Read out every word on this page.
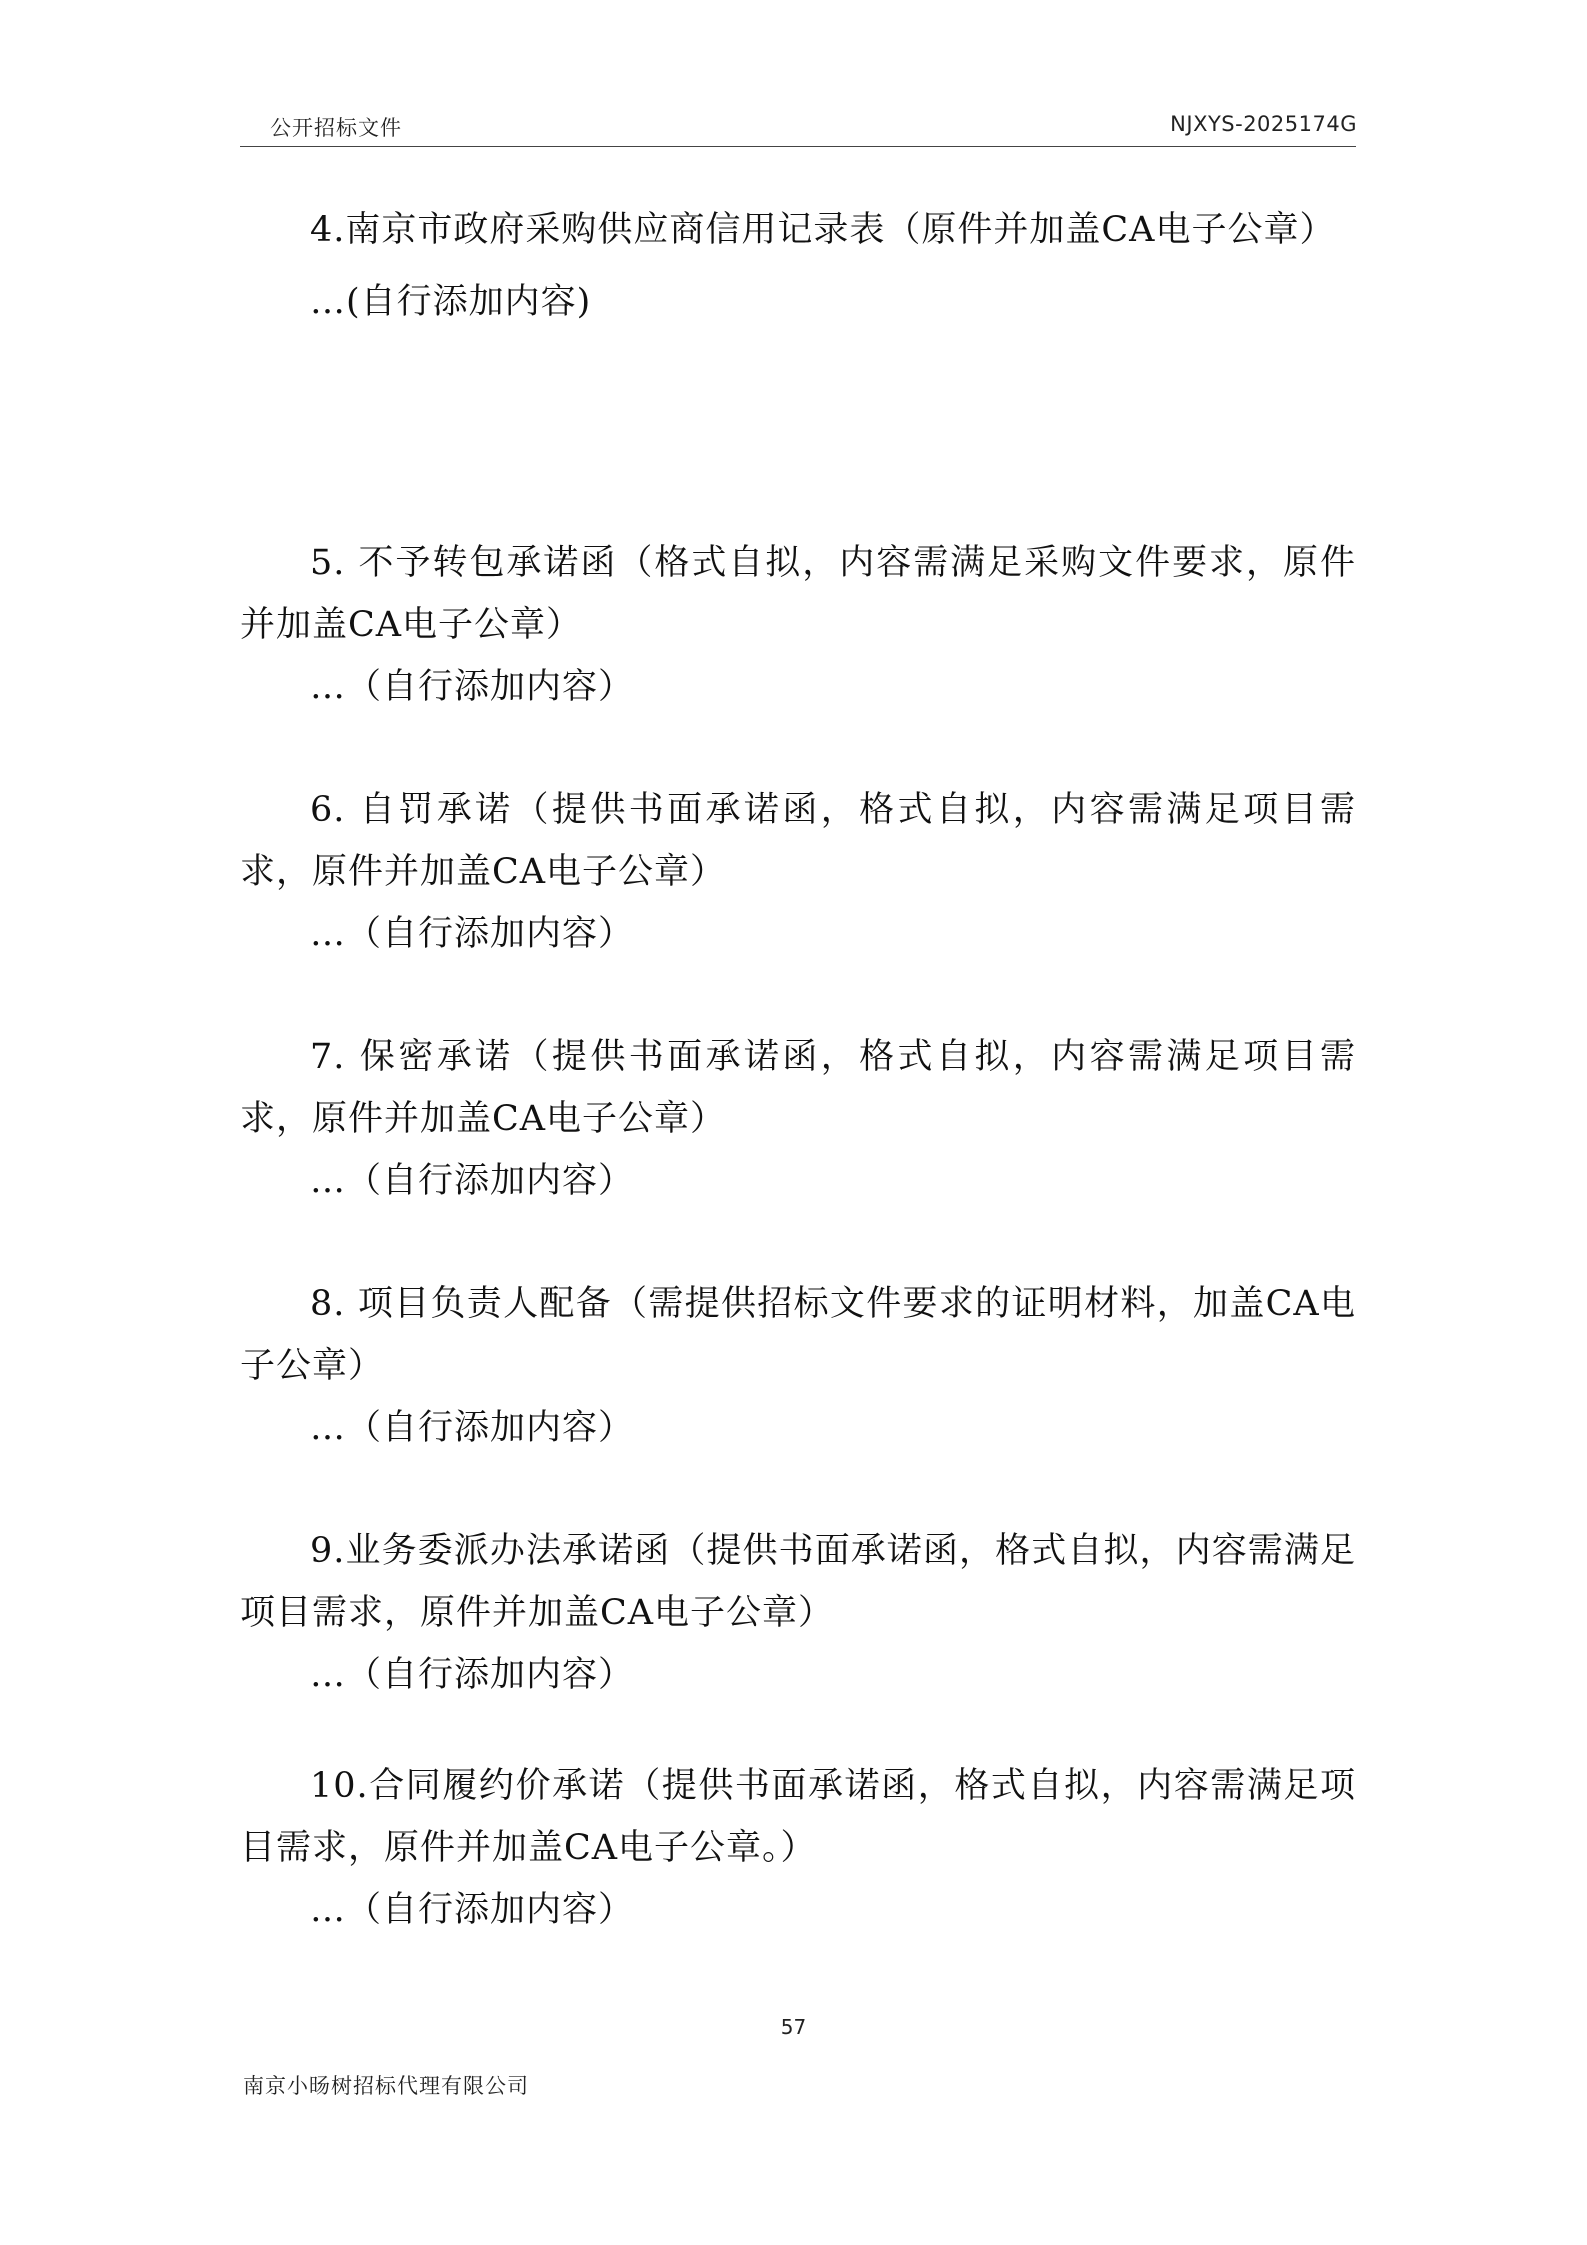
公开招标文件	NJXYS-2025174G

4.南京市政府采购供应商信用记录表（原件并加盖CA电子公章）

…(自行添加内容)

5. 不予转包承诺函（格式自拟，内容需满足采购文件要求，原件并加盖CA电子公章）

…（自行添加内容）

6. 自罚承诺（提供书面承诺函，格式自拟，内容需满足项目需求，原件并加盖CA电子公章）

…（自行添加内容）

7. 保密承诺（提供书面承诺函，格式自拟，内容需满足项目需求，原件并加盖CA电子公章）

…（自行添加内容）

8. 项目负责人配备（需提供招标文件要求的证明材料，加盖CA电子公章）

…（自行添加内容）

9.业务委派办法承诺函（提供书面承诺函，格式自拟，内容需满足项目需求，原件并加盖CA电子公章）

…（自行添加内容）

10.合同履约价承诺（提供书面承诺函，格式自拟，内容需满足项目需求，原件并加盖CA电子公章。）

…（自行添加内容）

57
南京小旸树招标代理有限公司
